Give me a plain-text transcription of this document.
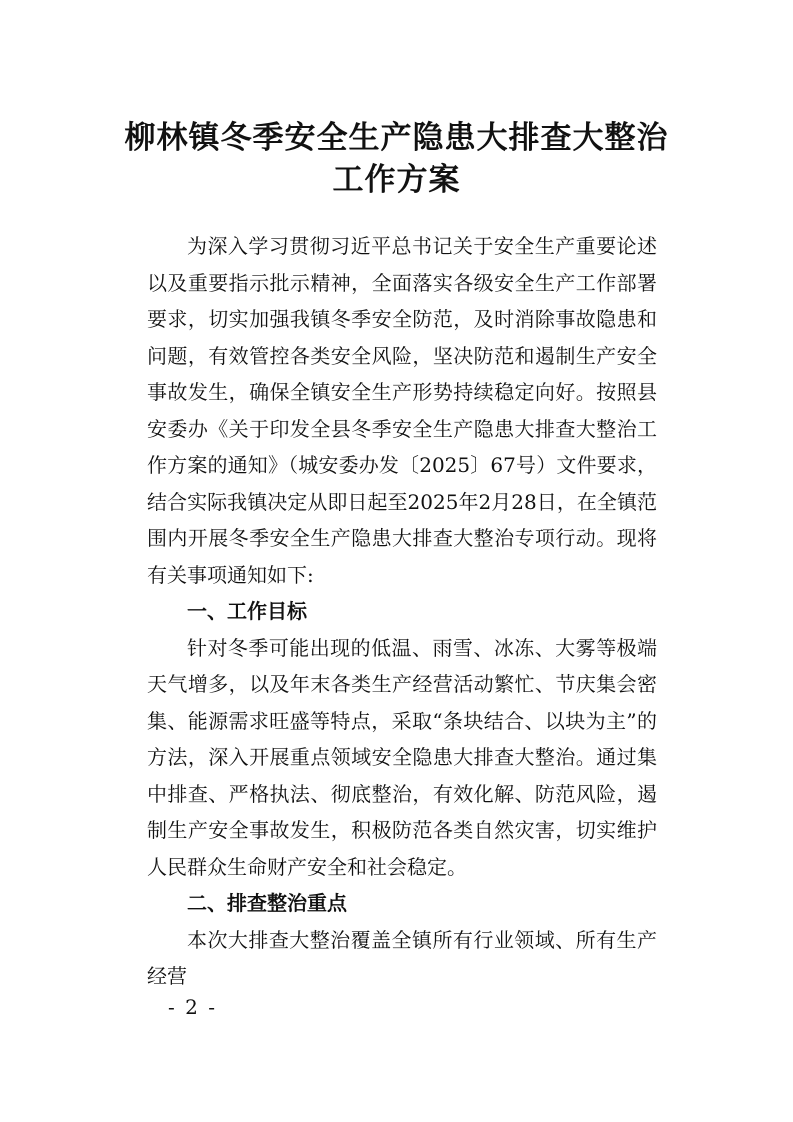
柳林镇冬季安全生产隐患大排查大整治
工作方案

为深入学习贯彻习近平总书记关于安全生产重要论述以及重要指示批示精神，全面落实各级安全生产工作部署要求，切实加强我镇冬季安全防范，及时消除事故隐患和问题，有效管控各类安全风险，坚决防范和遏制生产安全事故发生，确保全镇安全生产形势持续稳定向好。按照县安委办《关于印发全县冬季安全生产隐患大排查大整治工作方案的通知》（城安委办发〔2025〕67号）文件要求，结合实际我镇决定从即日起至2025年2月28日，在全镇范围内开展冬季安全生产隐患大排查大整治专项行动。现将有关事项通知如下:

一、工作目标

针对冬季可能出现的低温、雨雪、冰冻、大雾等极端天气增多，以及年末各类生产经营活动繁忙、节庆集会密集、能源需求旺盛等特点，采取“条块结合、以块为主”的方法，深入开展重点领域安全隐患大排查大整治。通过集中排查、严格执法、彻底整治，有效化解、防范风险，遏制生产安全事故发生，积极防范各类自然灾害，切实维护人民群众生命财产安全和社会稳定。

二、排查整治重点

本次大排查大整治覆盖全镇所有行业领域、所有生产经营

- 2 -
